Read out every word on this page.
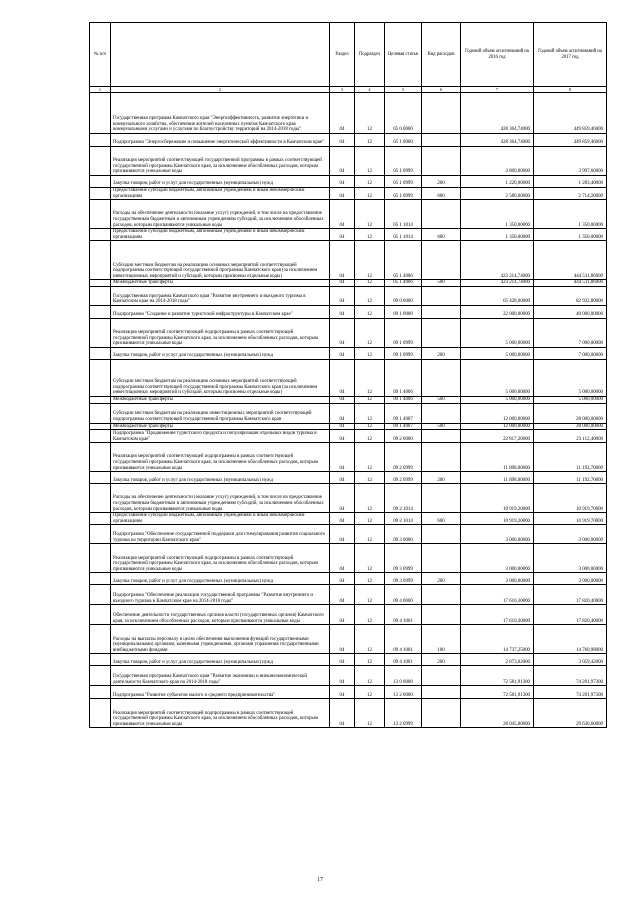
№ п/п		Раздел	Подраздел	Целевая статья	Вид расходов	Годовой объем ассигнований на 2016 год	Годовой объем ассигнований на 2017 год
1	2	3	4	5	6	7	8
	Государственная программа Камчатского края "Энергоэффективность, развитие энергетики и коммунального хозяйства, обеспечение жителей населенных пунктов Камчатского края коммунальными услугами и услугами по благоустройству территорий на 2014-2018 годы"	04	12	05 0 0000		428 364,74000	449 859,46000
	Подпрограмма "Энергосбережение и повышение энергетической эффективности в Камчатском крае"	04	12	05 1 0000		428 364,74000	449 859,46000
	Реализация мероприятий соответствующей государственной программы в рамках соответствующей государственной программы Камчатского края, за исключением обособленных расходов, которым присваиваются уникальные коды	04	12	05 1 0999		3 800,00000	3 997,60000
	Закупка товаров, работ и услуг для государственных (муниципальных) нужд	04	12	05 1 0999	200	1 220,00000	1 283,40000
	Предоставление субсидий бюджетным, автономным учреждениям и иным некоммерческим организациям	04	12	05 1 0999	600	2 580,00000	2 714,20000
	Расходы на обеспечение деятельности (оказание услуг) учреждений, в том числе на предоставление государственным бюджетным и автономным учреждениям субсидий, за исключением обособленных расходов, которым присваиваются уникальные коды	04	12	05 1 1014		1 350,00000	1 350,00000
	Предоставление субсидий бюджетным, автономным учреждениям и иным некоммерческим организациям	04	12	05 1 1014	600	1 350,00000	1 350,00000
	Субсидии местным бюджетам на реализацию основных мероприятий соответствующей подпрограммы соответствующей государственной программы Камчатского края (за исключением инвестиционных мероприятий и субсидий, которым присвоены отдельные коды)	04	12	05 1 4006		423 214,74000	444 511,86000
	Межбюджетные трансферты	04	12	05 1 4006	500	423 214,74000	444 511,86000
	Государственная программа Камчатского края "Развитие внутреннего и въездного туризма в Камчатском крае на 2014-2018 годы"	04	12	09 0 0000		65 428,00000	82 932,80000
	Подпрограмма "Создание и развитие туристской инфраструктуры в Камчатском крае"	04	12	09 1 0000		22 000,00000	40 000,00000
	Реализация мероприятий соответствующей подпрограммы в рамках соответствующей государственной программы Камчатского края, за исключением обособленных расходов, которым присваиваются уникальные коды	04	12	09 1 0999		5 000,00000	7 000,00000
	Закупка товаров, работ и услуг для государственных (муниципальных) нужд	04	12	09 1 0999	200	5 000,00000	7 000,00000
	Субсидии местным бюджетам на реализацию основных мероприятий соответствующей подпрограммы соответствующей государственной программы Камчатского края (за исключением инвестиционных мероприятий и субсидий, которым присвоены отдельные коды)	04	12	09 1 4006		5 000,00000	5 000,00000
	Межбюджетные трансферты	04	12	09 1 4006	500	5 000,00000	5 000,00000
	Субсидии местным бюджетам на реализацию инвестиционных мероприятий соответствующей подпрограммы соответствующей государственной программы Камчатского края	04	12	09 1 4007		12 000,00000	28 000,00000
	Межбюджетные трансферты	04	12	09 1 4007	500	12 000,00000	28 000,00000
	Подпрограмма "Продвижение туристского продукта и популяризация отдельных видов туризма в Камчатском крае"	04	12	09 2 0000		22 817,20000	23 112,40000
	Реализация мероприятий соответствующей подпрограммы в рамках соответствующей государственной программы Камчатского края, за исключением обособленных расходов, которым присваиваются уникальные коды	04	12	09 2 0999		11 898,00000	11 192,70000
	Закупка товаров, работ и услуг для государственных (муниципальных) нужд	04	12	09 2 0999	200	11 898,00000	11 192,70000
	Расходы на обеспечение деятельности (оказание услуг) учреждений, в том числе на предоставление государственным бюджетным и автономным учреждениям субсидий, за исключением обособленных расходов, которым присваиваются уникальные коды	04	12	09 2 1014		10 919,20000	10 919,70000
	Предоставление субсидий бюджетным, автономным учреждениям и иным некоммерческим организациям	04	12	09 2 1014	600	10 919,20000	10 919,70000
	Подпрограмма "Обеспечение государственной поддержки для стимулирования развития социального туризма на территории Камчатского края"	04	12	09 3 0000		3 000,00000	3 000,00000
	Реализация мероприятий соответствующей подпрограммы в рамках соответствующей государственной программы Камчатского края, за исключением обособленных расходов, которым присваиваются уникальные коды	04	12	09 3 0999		3 000,00000	3 000,00000
	Закупка товаров, работ и услуг для государственных (муниципальных) нужд	04	12	09 3 0999	200	3 000,00000	3 000,00000
	Подпрограмма "Обеспечение реализации государственной программы "Развитие внутреннего и въездного туризма в Камчатском крае на 2014-2018 годы"	04	12	09 4 0000		17 610,30000	17 820,40000
	Обеспечение деятельности государственных органов власти (государственных органов) Камчатского края, за исключением обособленных расходов, которым присваиваются уникальные коды	04	12	09 4 1001		17 610,30000	17 820,40000
	Расходы на выплаты персоналу в целях обеспечения выполнения функций государственными (муниципальными) органами, казенными учреждениями, органами управления государственными внебюджетными фондами	04	12	09 4 1001	100	14 737,25000	14 760,98000
	Закупка товаров, работ и услуг для государственных (муниципальных) нужд	04	12	09 4 1001	200	2 873,02000	3 059,42000
	Государственная программа Камчатского края "Развитие экономики и внешнеэкономической деятельности Камчатского края на 2014-2018 годы"	04	12	13 0 0000		72 581,91300	74 201,97300
	Подпрограмма "Развитие субъектов малого и среднего предпринимательства"	04	12	13 2 0000		72 581,91300	74 201,97300
	Реализация мероприятий соответствующей подпрограммы в рамках соответствующей государственной программы Камчатского края, за исключением обособленных расходов, которым присваиваются уникальные коды	04	12	13 2 0999		28 045,00000	29 630,60000
17
